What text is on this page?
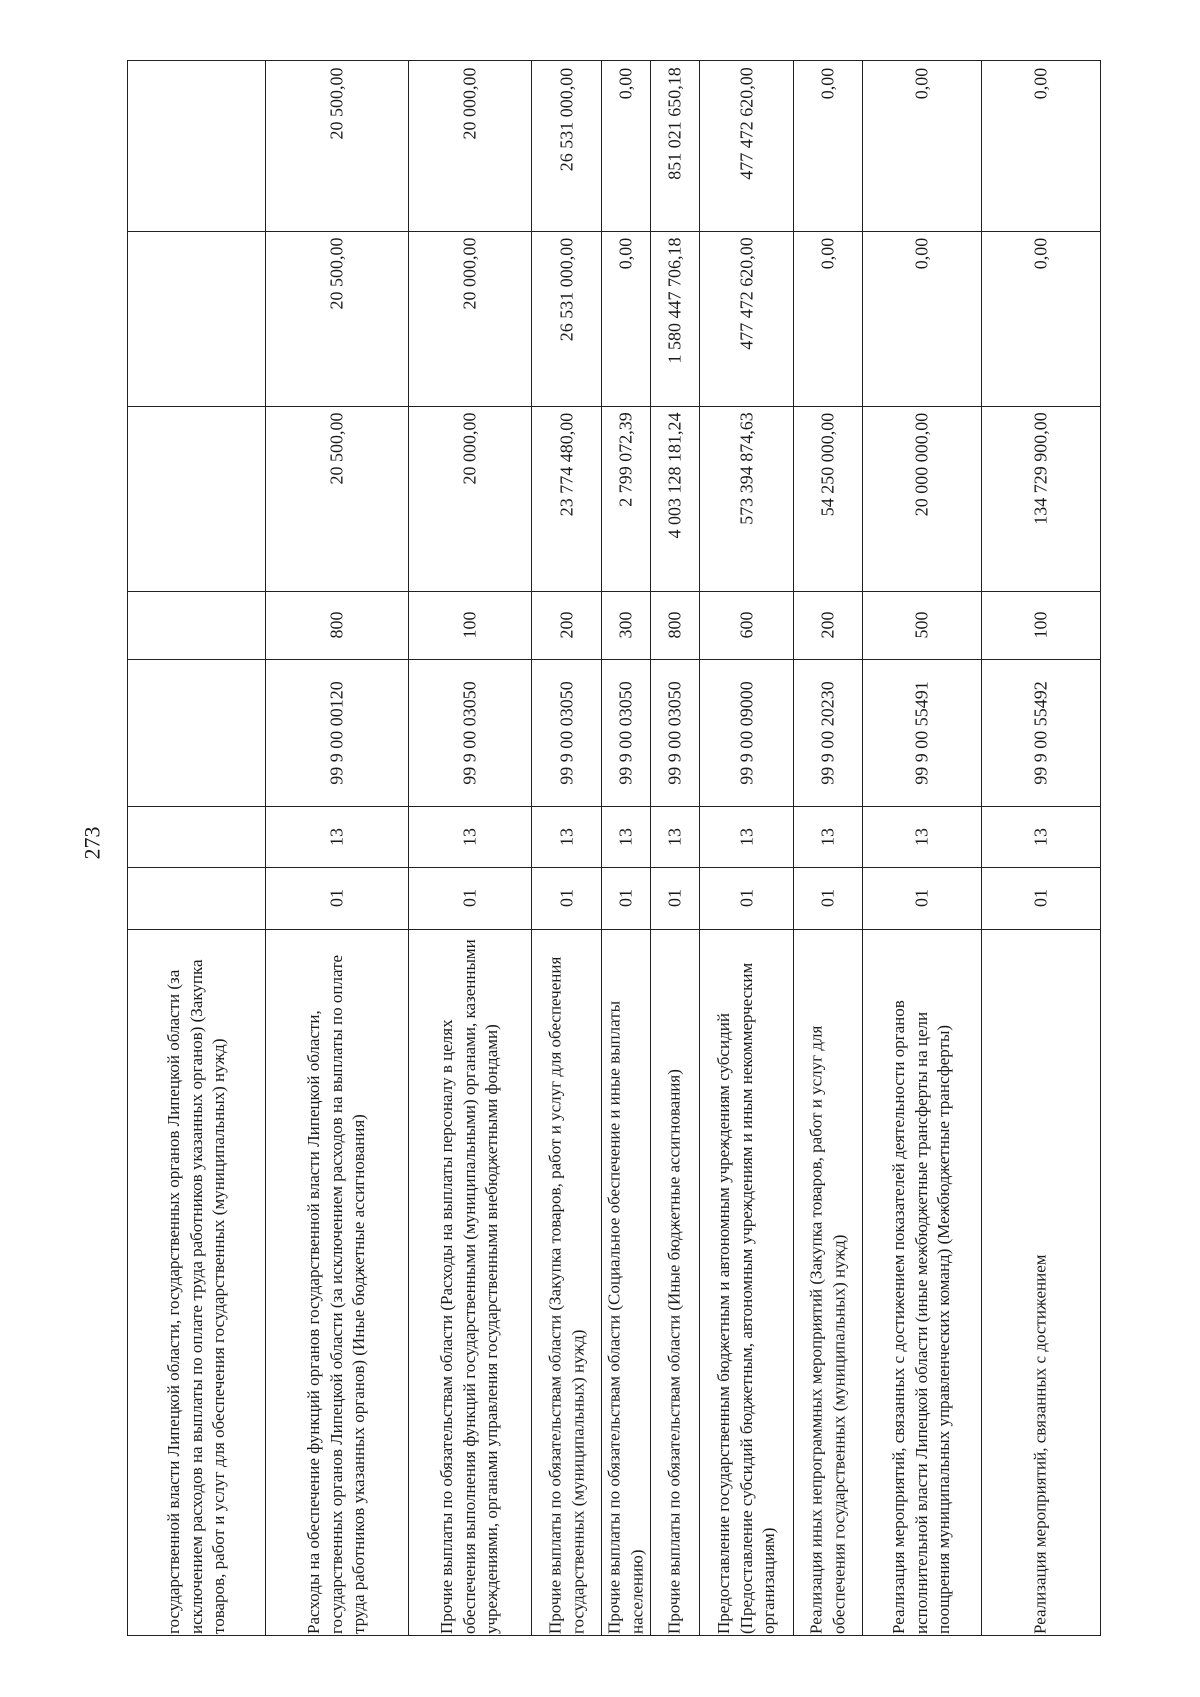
273
государственной власти Липецкой области, государственных органов Липецкой области (за исключением расходов на выплаты по оплате труда работников указанных органов) (Закупка товаров, работ и услуг для обеспечения государственных (муниципальных) нужд)
20 500,00
20 500,00
20 500,00
800
99 9 00 00120
13
01
Расходы на обеспечение функций органов государственной власти Липецкой области, государственных органов Липецкой области (за исключением расходов на выплаты по оплате труда работников указанных органов) (Иные бюджетные ассигнования)
20 000,00
20 000,00
20 000,00
100
99 9 00 03050
13
01
Прочие выплаты по обязательствам области (Расходы на выплаты персоналу в целях обеспечения выполнения функций государственными (муниципальными) органами, казенными учреждениями, органами управления государственными внебюджетными фондами)
26 531 000,00
26 531 000,00
23 774 480,00
200
99 9 00 03050
13
01
Прочие выплаты по обязательствам области (Закупка товаров, работ и услуг для обеспечения государственных (муниципальных) нужд)
0,00
0,00
2 799 072,39
300
99 9 00 03050
13
01
Прочие выплаты по обязательствам области (Социальное обеспечение и иные выплаты населению)
851 021 650,18
1 580 447 706,18
4 003 128 181,24
800
99 9 00 03050
13
01
Прочие выплаты по обязательствам области (Иные бюджетные ассигнования)
477 472 620,00
477 472 620,00
573 394 874,63
600
99 9 00 09000
13
01
Предоставление государственным бюджетным и автономным учреждениям субсидий (Предоставление субсидий бюджетным, автономным учреждениям и иным некоммерческим организациям)
0,00
0,00
54 250 000,00
200
99 9 00 20230
13
01
Реализация иных непрограммных мероприятий (Закупка товаров, работ и услуг для обеспечения государственных (муниципальных) нужд)
0,00
0,00
20 000 000,00
500
99 9 00 55491
13
01
Реализация мероприятий, связанных с достижением показателей деятельности органов исполнительной власти Липецкой области (иные межбюджетные трансферты на цели поощрения муниципальных управленческих команд) (Межбюджетные трансферты)
0,00
0,00
134 729 900,00
100
99 9 00 55492
13
01
Реализация мероприятий, связанных с достижением
